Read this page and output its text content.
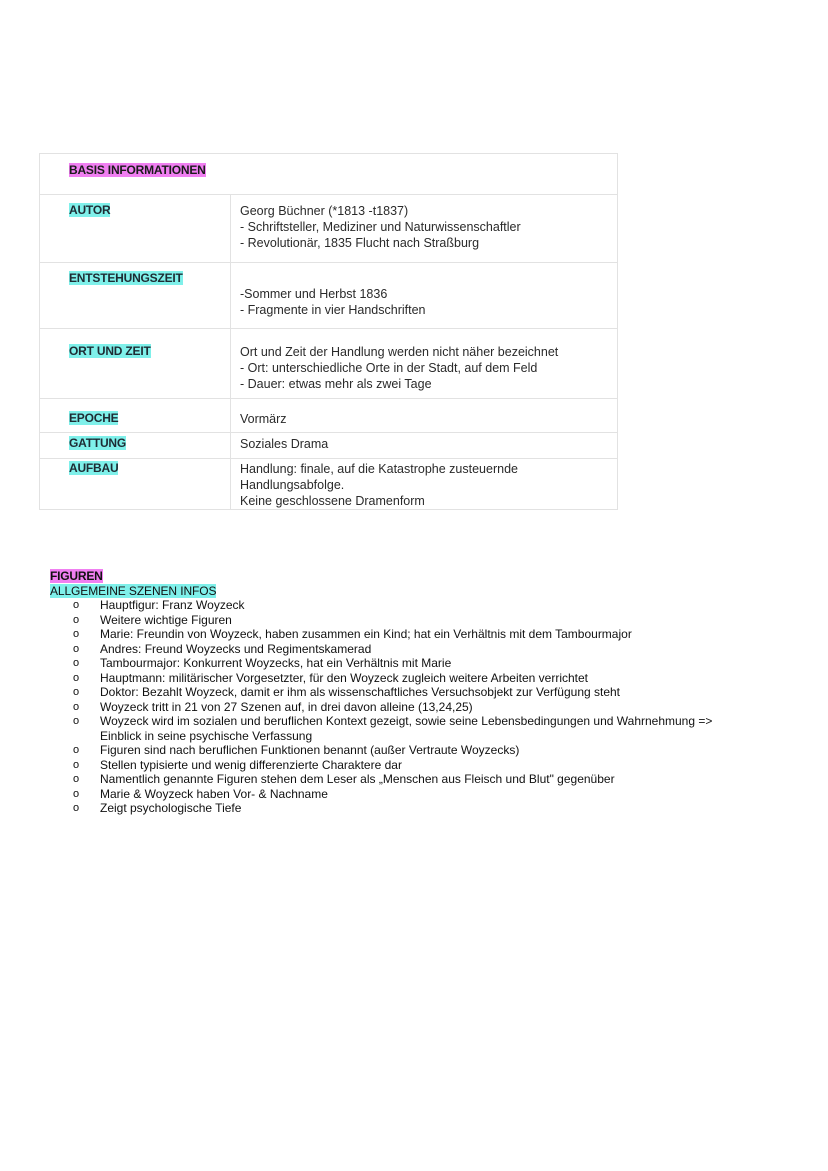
BASIS INFORMATIONEN	
AUTOR	Georg Büchner (*1813 -t1837)
- Schriftsteller, Mediziner und Naturwissenschaftler
- Revolutionär, 1835 Flucht nach Straßburg

ENTSTEHUNGSZEIT	-Sommer und Herbst 1836
- Fragmente in vier Handschriften

ORT UND ZEIT	Ort und Zeit der Handlung werden nicht näher bezeichnet
- Ort: unterschiedliche Orte in der Stadt, auf dem Feld
- Dauer: etwas mehr als zwei Tage

EPOCHE	Vormärz

GATTUNG	Soziales Drama

AUFBAU	Handlung: finale, auf die Katastrophe zusteuernde Handlungsabfolge.
Keine geschlossene Dramenform
FIGUREN
ALLGEMEINE SZENEN INFOS
o Hauptfigur: Franz Woyzeck
o Weitere wichtige Figuren
o Marie: Freundin von Woyzeck, haben zusammen ein Kind; hat ein Verhältnis mit dem Tambourmajor
o Andres: Freund Woyzecks und Regimentskamerad
o Tambourmajor: Konkurrent Woyzecks, hat ein Verhältnis mit Marie
o Hauptmann: militärischer Vorgesetzter, für den Woyzeck zugleich weitere Arbeiten verrichtet
o Doktor: Bezahlt Woyzeck, damit er ihm als wissenschaftliches Versuchsobjekt zur Verfügung steht
o Woyzeck tritt in 21 von 27 Szenen auf, in drei davon alleine (13,24,25)
o Woyzeck wird im sozialen und beruflichen Kontext gezeigt, sowie seine Lebensbedingungen und Wahrnehmung =>
Einblick in seine psychische Verfassung
o Figuren sind nach beruflichen Funktionen benannt (außer Vertraute Woyzecks)
o Stellen typisierte und wenig differenzierte Charaktere dar
o Namentlich genannte Figuren stehen dem Leser als „Menschen aus Fleisch und Blut" gegenüber
o Marie & Woyzeck haben Vor- & Nachname
o Zeigt psychologische Tiefe
